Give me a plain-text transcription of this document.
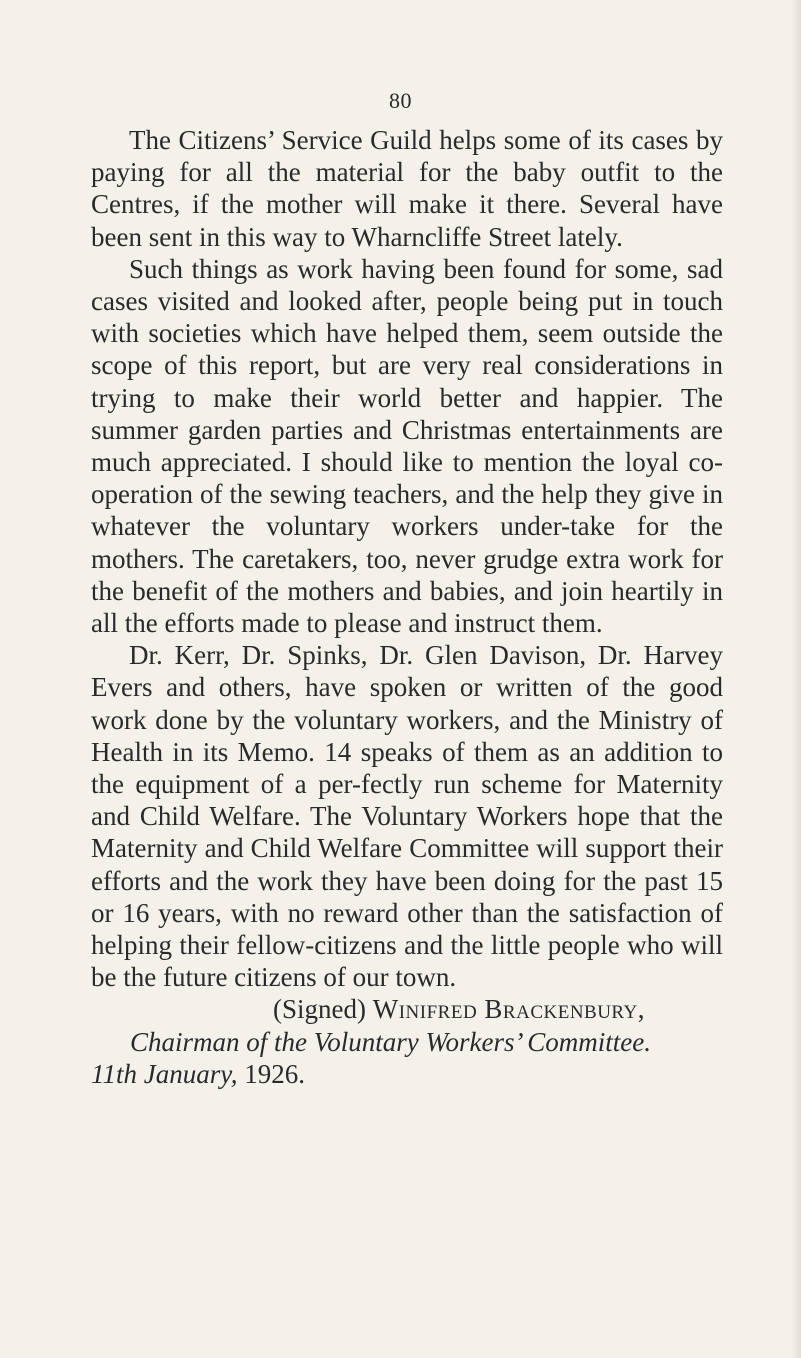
80

The Citizens’ Service Guild helps some of its cases by paying for all the material for the baby outfit to the Centres, if the mother will make it there. Several have been sent in this way to Wharncliffe Street lately.

Such things as work having been found for some, sad cases visited and looked after, people being put in touch with societies which have helped them, seem outside the scope of this report, but are very real considerations in trying to make their world better and happier. The summer garden parties and Christmas entertainments are much appreciated. I should like to mention the loyal co-operation of the sewing teachers, and the help they give in whatever the voluntary workers under-take for the mothers. The caretakers, too, never grudge extra work for the benefit of the mothers and babies, and join heartily in all the efforts made to please and instruct them.

Dr. Kerr, Dr. Spinks, Dr. Glen Davison, Dr. Harvey Evers and others, have spoken or written of the good work done by the voluntary workers, and the Ministry of Health in its Memo. 14 speaks of them as an addition to the equipment of a per-fectly run scheme for Maternity and Child Welfare. The Voluntary Workers hope that the Maternity and Child Welfare Committee will support their efforts and the work they have been doing for the past 15 or 16 years, with no reward other than the satisfaction of helping their fellow-citizens and the little people who will be the future citizens of our town.

(Signed) Winifred Brackenbury,

Chairman of the Voluntary Workers’ Committee.

11th January, 1926.
